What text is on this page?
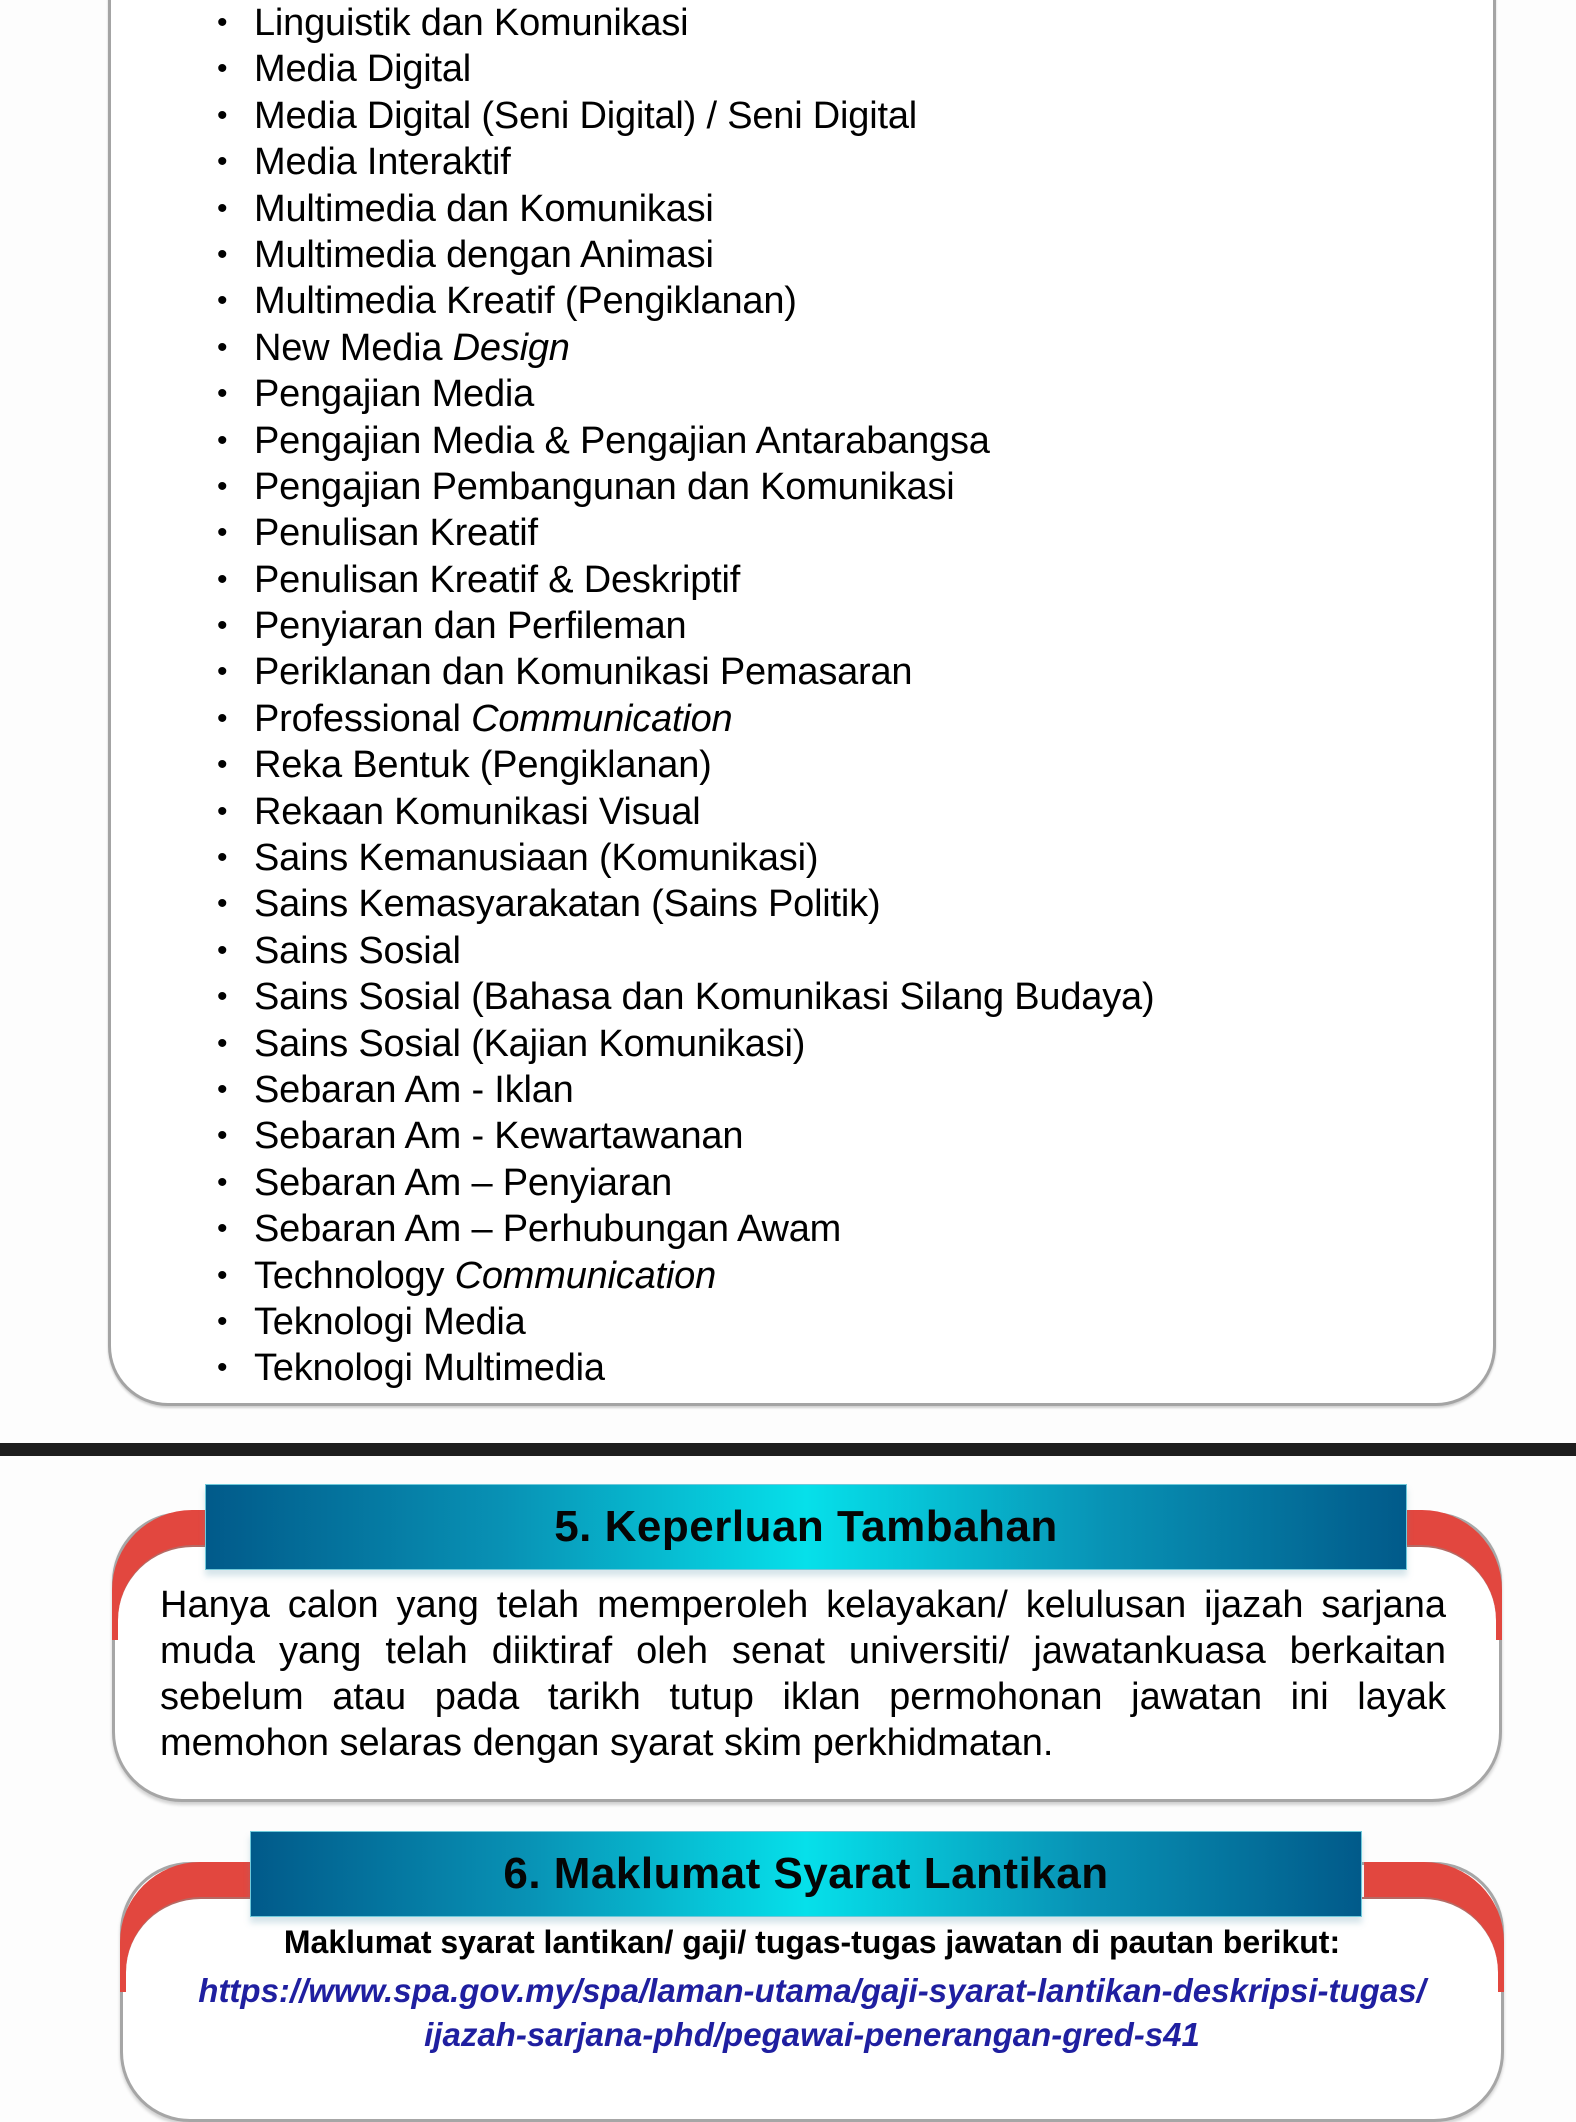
• Linguistik dan Komunikasi
• Media Digital
• Media Digital (Seni Digital) / Seni Digital
• Media Interaktif
• Multimedia dan Komunikasi
• Multimedia dengan Animasi
• Multimedia Kreatif (Pengiklanan)
• New Media Design
• Pengajian Media
• Pengajian Media & Pengajian Antarabangsa
• Pengajian Pembangunan dan Komunikasi
• Penulisan Kreatif
• Penulisan Kreatif & Deskriptif
• Penyiaran dan Perfileman
• Periklanan dan Komunikasi Pemasaran
• Professional Communication
• Reka Bentuk (Pengiklanan)
• Rekaan Komunikasi Visual
• Sains Kemanusiaan (Komunikasi)
• Sains Kemasyarakatan (Sains Politik)
• Sains Sosial
• Sains Sosial (Bahasa dan Komunikasi Silang Budaya)
• Sains Sosial (Kajian Komunikasi)
• Sebaran Am - Iklan
• Sebaran Am - Kewartawanan
• Sebaran Am – Penyiaran
• Sebaran Am – Perhubungan Awam
• Technology Communication
• Teknologi Media
• Teknologi Multimedia
5. Keperluan Tambahan

Hanya calon yang telah memperoleh kelayakan/ kelulusan ijazah sarjana muda yang telah diiktiraf oleh senat universiti/ jawatankuasa berkaitan sebelum atau pada tarikh tutup iklan permohonan jawatan ini layak memohon selaras dengan syarat skim perkhidmatan.

6. Maklumat Syarat Lantikan
Maklumat syarat lantikan/ gaji/ tugas-tugas jawatan di pautan berikut:
https://www.spa.gov.my/spa/laman-utama/gaji-syarat-lantikan-deskripsi-tugas/
ijazah-sarjana-phd/pegawai-penerangan-gred-s41
